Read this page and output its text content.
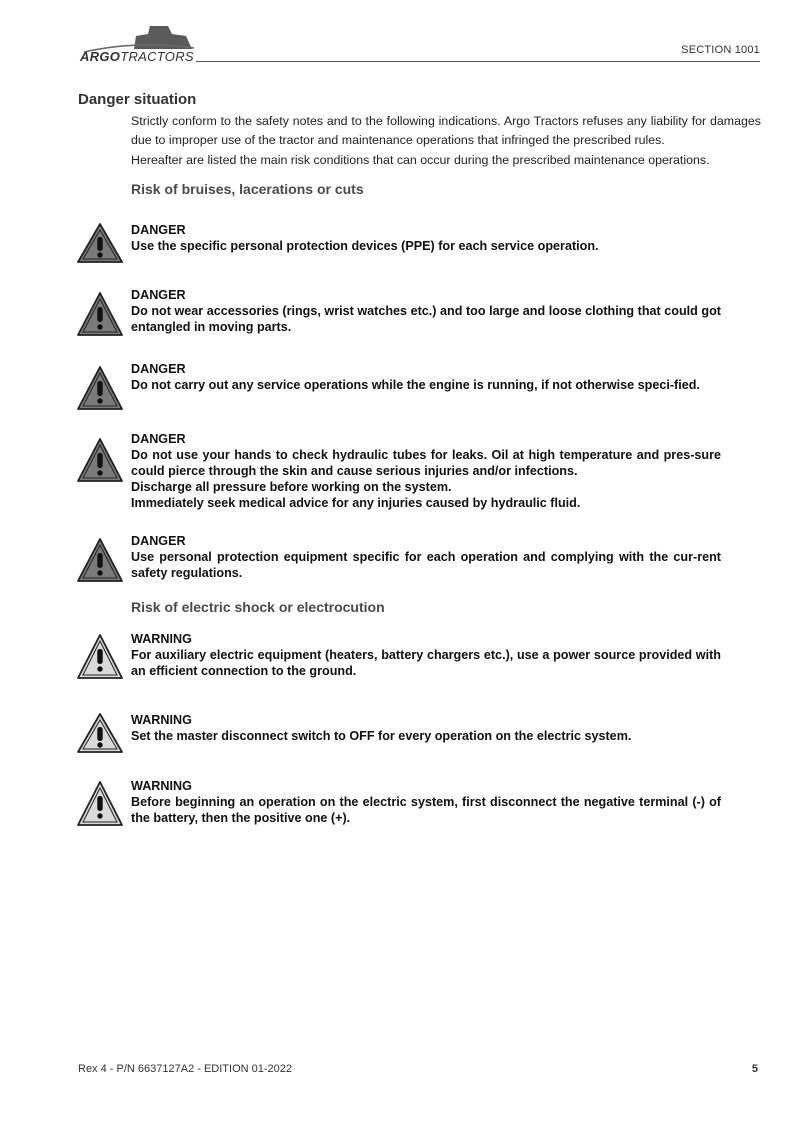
ARGOTRACTORS	SECTION 1001
Danger situation

Strictly conform to the safety notes and to the following indications. Argo Tractors refuses any liability for damages due to improper use of the tractor and maintenance operations that infringed the prescribed rules.

Hereafter are listed the main risk conditions that can occur during the prescribed maintenance operations.

Risk of bruises, lacerations or cuts
DANGER
Use the specific personal protection devices (PPE) for each service operation.
DANGER
Do not wear accessories (rings, wrist watches etc.) and too large and loose clothing that could got entangled in moving parts.
DANGER
Do not carry out any service operations while the engine is running, if not otherwise speci-fied.
DANGER
Do not use your hands to check hydraulic tubes for leaks. Oil at high temperature and pres-sure could pierce through the skin and cause serious injuries and/or infections.
Discharge all pressure before working on the system.
Immediately seek medical advice for any injuries caused by hydraulic fluid.
DANGER
Use personal protection equipment specific for each operation and complying with the cur-rent safety regulations.
Risk of electric shock or electrocution
WARNING
For auxiliary electric equipment (heaters, battery chargers etc.), use a power source provided with an efficient connection to the ground.
WARNING
Set the master disconnect switch to OFF for every operation on the electric system.
WARNING
Before beginning an operation on the electric system, first disconnect the negative terminal (-) of the battery, then the positive one (+).
Rex 4 - P/N 6637127A2 - EDITION 01-2022	5
